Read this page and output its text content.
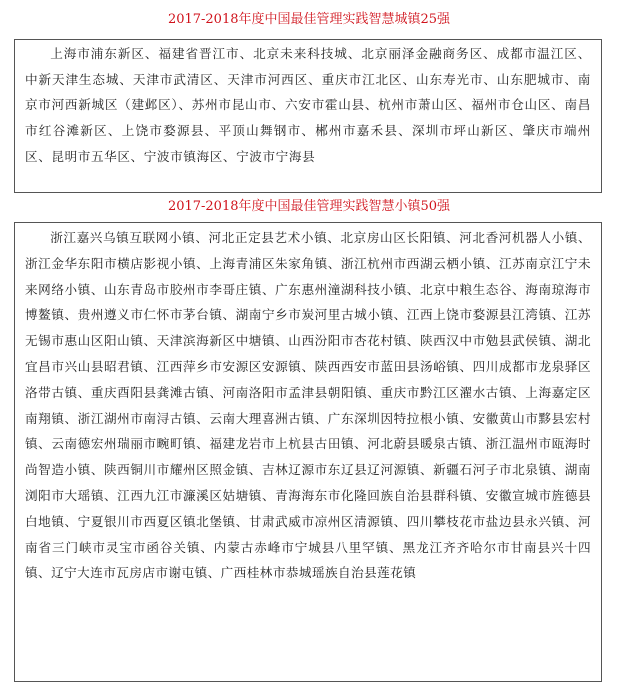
2017-2018年度中国最佳管理实践智慧城镇25强

上海市浦东新区、福建省晋江市、北京未来科技城、北京丽泽金融商务区、成都市温江区、中新天津生态城、天津市武清区、天津市河西区、重庆市江北区、山东寿光市、山东肥城市、南京市河西新城区（建邺区）、苏州市昆山市、六安市霍山县、杭州市萧山区、福州市仓山区、南昌市红谷滩新区、上饶市婺源县、平顶山舞钢市、郴州市嘉禾县、深圳市坪山新区、肇庆市端州区、昆明市五华区、宁波市镇海区、宁波市宁海县

2017-2018年度中国最佳管理实践智慧小镇50强

浙江嘉兴乌镇互联网小镇、河北正定县艺术小镇、北京房山区长阳镇、河北香河机器人小镇、浙江金华东阳市横店影视小镇、上海青浦区朱家角镇、浙江杭州市西湖云栖小镇、江苏南京江宁未来网络小镇、山东青岛市胶州市李哥庄镇、广东惠州潼湖科技小镇、北京中粮生态谷、海南琼海市博鳌镇、贵州遵义市仁怀市茅台镇、湖南宁乡市炭河里古城小镇、江西上饶市婺源县江湾镇、江苏无锡市惠山区阳山镇、天津滨海新区中塘镇、山西汾阳市杏花村镇、陕西汉中市勉县武侯镇、湖北宜昌市兴山县昭君镇、江西萍乡市安源区安源镇、陕西西安市蓝田县汤峪镇、四川成都市龙泉驿区洛带古镇、重庆酉阳县龚滩古镇、河南洛阳市孟津县朝阳镇、重庆市黔江区濯水古镇、上海嘉定区南翔镇、浙江湖州市南浔古镇、云南大理喜洲古镇、广东深圳因特拉根小镇、安徽黄山市黟县宏村镇、云南德宏州瑞丽市畹町镇、福建龙岩市上杭县古田镇、河北蔚县暖泉古镇、浙江温州市瓯海时尚智造小镇、陕西铜川市耀州区照金镇、吉林辽源市东辽县辽河源镇、新疆石河子市北泉镇、湖南浏阳市大瑶镇、江西九江市濂溪区姑塘镇、青海海东市化隆回族自治县群科镇、安徽宣城市旌德县白地镇、宁夏银川市西夏区镇北堡镇、甘肃武威市凉州区清源镇、四川攀枝花市盐边县永兴镇、河南省三门峡市灵宝市函谷关镇、内蒙古赤峰市宁城县八里罕镇、黑龙江齐齐哈尔市甘南县兴十四镇、辽宁大连市瓦房店市谢屯镇、广西桂林市恭城瑶族自治县莲花镇
